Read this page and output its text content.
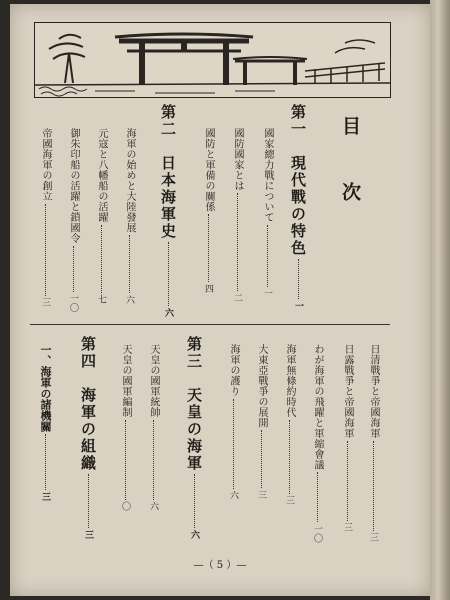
目　次
第一　現代戰の特色一
國家總力戰について一
國防國家とは二
國防と軍備の關係四
第二　日本海軍史六
海軍の始めと大陸發展六
元寇と八幡船の活躍七
御朱印船の活躍と鎖國令一〇
帝國海軍の創立三
日清戰爭と帝國海軍三
日露戰爭と帝國海軍三
わが海軍の飛躍と軍縮會議一〇
海軍無條約時代三
大東亞戰爭の展開三
海軍の護り六
第三　天皇の海軍六
天皇の國軍統帥六
天皇の國軍編制〇
第四　海軍の組織三
一、海軍の諸機關三
—（ 5 ）—
